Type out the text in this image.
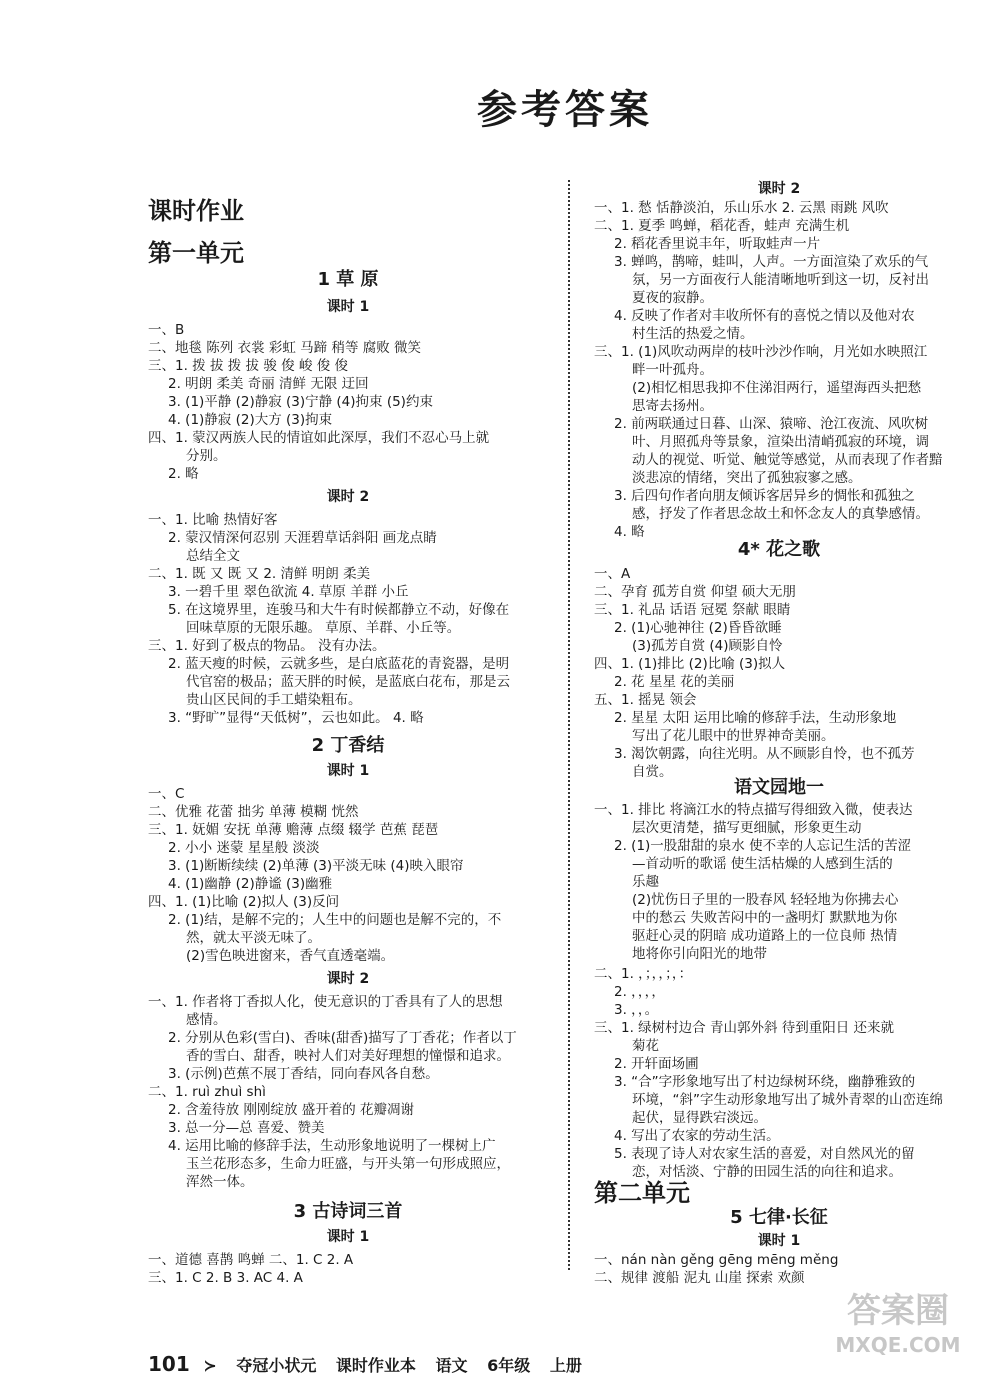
参考答案
课时作业
第一单元
1 草 原
课时 1
一、B
二、地毯 陈列 衣裳 彩虹 马蹄 稍等 腐败 微笑
三、1. 拨 拔 拨 拔 骏 俊 峻 俊 俊
2. 明朗 柔美 奇丽 清鲜 无限 迂回
3. (1)平静 (2)静寂 (3)宁静 (4)拘束 (5)约束
4. (1)静寂 (2)大方 (3)拘束
四、1. 蒙汉两族人民的情谊如此深厚，我们不忍心马上就
分别。
2. 略
课时 2
一、1. 比喻 热情好客
2. 蒙汉情深何忍别 天涯碧草话斜阳 画龙点睛
总结全文
二、1. 既 又 既 又 2. 清鲜 明朗 柔美
3. 一碧千里 翠色欲流 4. 草原 羊群 小丘
5. 在这境界里，连骏马和大牛有时候都静立不动，好像在
回味草原的无限乐趣。 草原、羊群、小丘等。
三、1. 好到了极点的物品。 没有办法。
2. 蓝天瘦的时候，云就多些，是白底蓝花的青瓷器，是明
代官窑的极品；蓝天胖的时候，是蓝底白花布，那是云
贵山区民间的手工蜡染粗布。
3. “野旷”显得“天低树”，云也如此。 4. 略
2 丁香结
课时 1
一、C
二、优雅 花蕾 拙劣 单薄 模糊 恍然
三、1. 妩媚 安抚 单薄 赡薄 点缀 辍学 芭蕉 琵琶
2. 小小 迷蒙 星星般 淡淡
3. (1)断断续续 (2)单薄 (3)平淡无味 (4)映入眼帘
4. (1)幽静 (2)静谧 (3)幽雅
四、1. (1)比喻 (2)拟人 (3)反问
2. (1)结，是解不完的；人生中的问题也是解不完的，不
然，就太平淡无味了。
(2)雪色映进窗来，香气直透毫端。
课时 2
一、1. 作者将丁香拟人化，使无意识的丁香具有了人的思想
感情。
2. 分别从色彩(雪白)、香味(甜香)描写了丁香花；作者以丁
香的雪白、甜香，映衬人们对美好理想的憧憬和追求。
3. (示例)芭蕉不展丁香结，同向春风各自愁。
二、1. ruì zhuì shì
2. 含羞待放 刚刚绽放 盛开着的 花瓣凋谢
3. 总一分—总 喜爱、赞美
4. 运用比喻的修辞手法，生动形象地说明了一棵树上广
玉兰花形态多，生命力旺盛，与开头第一句形成照应，
浑然一体。
3 古诗词三首
课时 1
一、道德 喜鹊 鸣蝉 二、1. C 2. A
三、1. C 2. B 3. AC 4. A
课时 2
一、1. 愁 恬静淡泊，乐山乐水 2. 云黑 雨跳 风吹
二、1. 夏季 鸣蝉，稻花香，蛙声 充满生机
2. 稻花香里说丰年，听取蛙声一片
3. 蝉鸣，鹊啼，蛙叫，人声。一方面渲染了欢乐的气
氛，另一方面夜行人能清晰地听到这一切，反衬出
夏夜的寂静。
4. 反映了作者对丰收所怀有的喜悦之情以及他对农
村生活的热爱之情。
三、1. (1)风吹动两岸的枝叶沙沙作响，月光如水映照江
畔一叶孤舟。
(2)相忆相思我抑不住涕泪两行，遥望海西头把愁
思寄去扬州。
2. 前两联通过日暮、山深、猿啼、沧江夜流、风吹树
叶、月照孤舟等景象，渲染出清峭孤寂的环境，调
动人的视觉、听觉、触觉等感觉，从而表现了作者黯
淡悲凉的情绪，突出了孤独寂寥之感。
3. 后四句作者向朋友倾诉客居异乡的惆怅和孤独之
感，抒发了作者思念故土和怀念友人的真挚感情。
4. 略
4* 花之歌
一、A
二、孕育 孤芳自赏 仰望 硕大无朋
三、1. 礼品 话语 冠冕 祭献 眼睛
2. (1)心驰神往 (2)昏昏欲睡
(3)孤芳自赏 (4)顾影自怜
四、1. (1)排比 (2)比喻 (3)拟人
2. 花 星星 花的美丽
五、1. 摇晃 领会
2. 星星 太阳 运用比喻的修辞手法，生动形象地
写出了花儿眼中的世界神奇美丽。
3. 渴饮朝露，向往光明。从不顾影自怜，也不孤芳
自赏。
语文园地一
一、1. 排比 将滴江水的特点描写得细致入微，使表达
层次更清楚，描写更细腻，形象更生动
2. (1)一股甜甜的泉水 使不幸的人忘记生活的苦涩
—首动听的歌谣 使生活枯燥的人感到生活的
乐趣
(2)忧伤日子里的一股春风 轻轻地为你拂去心
中的愁云 失败苦闷中的一盏明灯 默默地为你
驱赶心灵的阴暗 成功道路上的一位良师 热情
地将你引向阳光的地带
二、1. ，；，，；，：
2. ，，，，
3. ，，。
三、1. 绿树村边合 青山郭外斜 待到重阳日 还来就
菊花
2. 开轩面场圃
3. “合”字形象地写出了村边绿树环绕，幽静雅致的
环境，“斜”字生动形象地写出了城外青翠的山峦连绵
起伏，显得跌宕淡远。
4. 写出了农家的劳动生活。
5. 表现了诗人对农家生活的喜爱，对自然风光的留
恋，对恬淡、宁静的田园生活的向往和追求。
第二单元
5 七律·长征
课时 1
一、nán nàn gěng gēng mēng měng
二、规律 渡船 泥丸 山崖 探索 欢颜
101 ≻ 夺冠小状元 课时作业本 语文 6年级 上册
答案圈
MXQE.COM
